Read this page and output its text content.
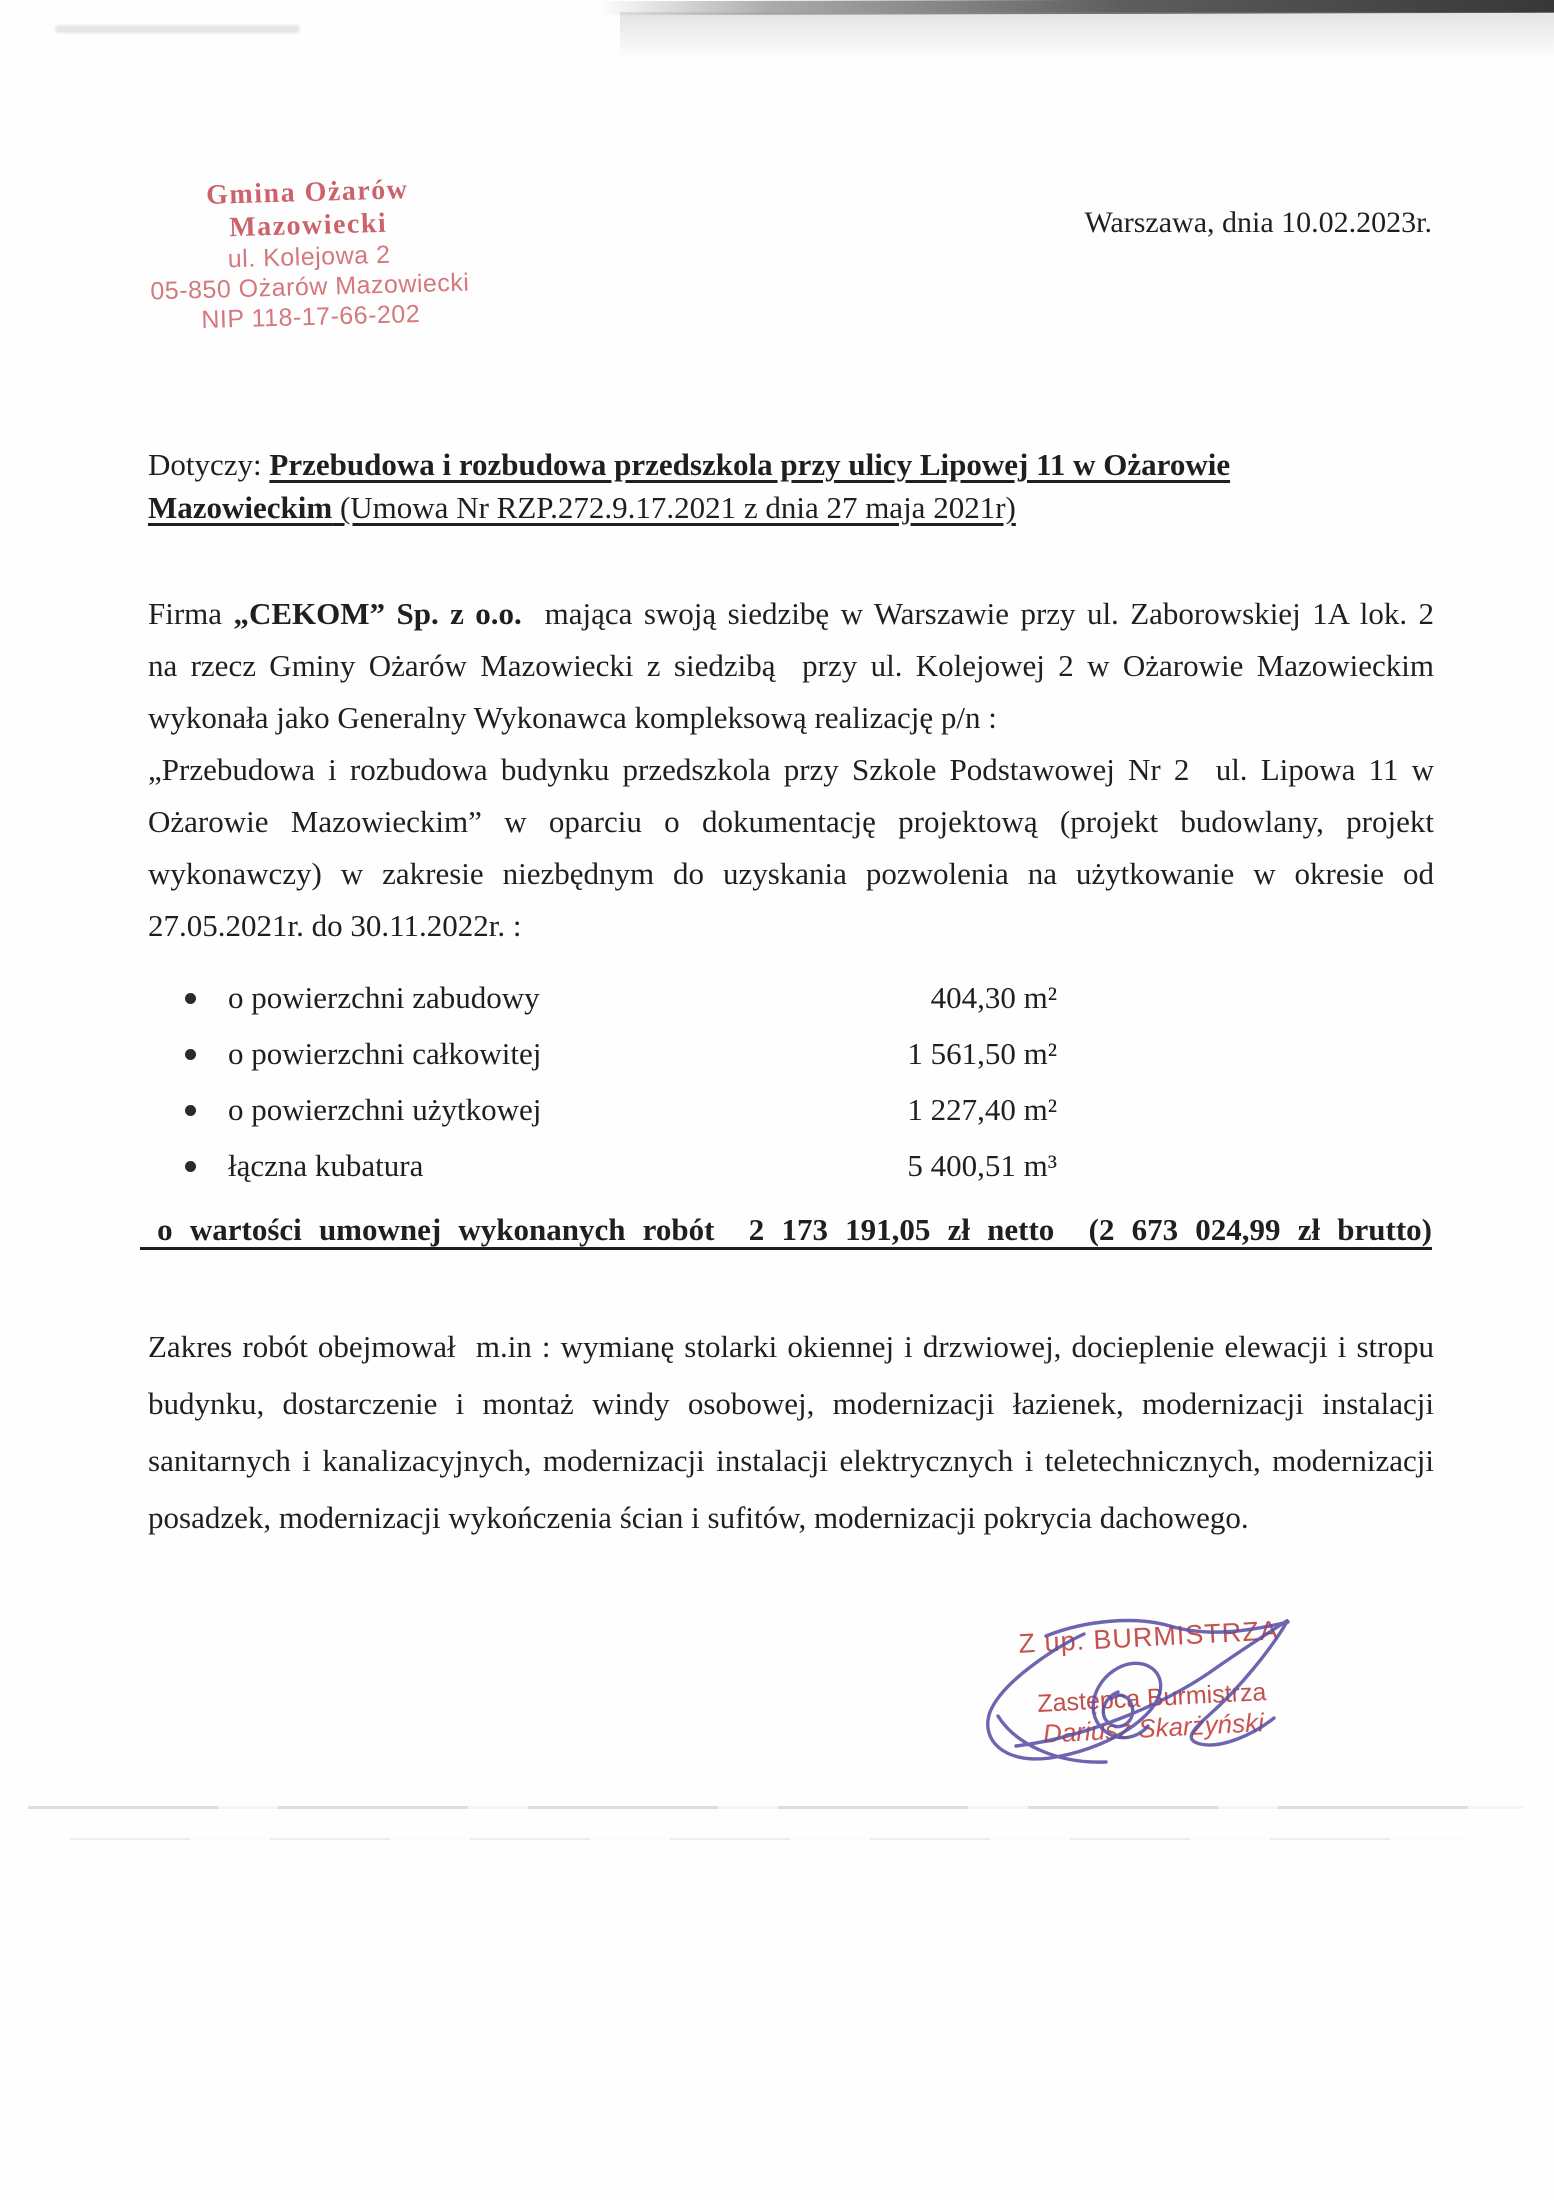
Gmina Ożarów Mazowiecki
ul. Kolejowa 2
05-850 Ożarów Mazowiecki
NIP 118-17-66-202
Warszawa, dnia 10.02.2023r.
Dotyczy: Przebudowa i rozbudowa przedszkola przy ulicy Lipowej 11 w Ożarowie
Mazowieckim (Umowa Nr RZP.272.9.17.2021 z dnia 27 maja 2021r)
Firma „CEKOM” Sp. z o.o.  mająca swoją siedzibę w Warszawie przy ul. Zaborowskiej 1A lok. 2
na rzecz Gminy Ożarów Mazowiecki z siedzibą  przy ul. Kolejowej 2 w Ożarowie Mazowieckim
wykonała jako Generalny Wykonawca kompleksową realizację p/n :
„Przebudowa i rozbudowa budynku przedszkola przy Szkole Podstawowej Nr 2  ul. Lipowa 11 w
Ożarowie Mazowieckim” w oparciu o dokumentację projektową (projekt budowlany, projekt
wykonawczy) w zakresie niezbędnym do uzyskania pozwolenia na użytkowanie w okresie od
27.05.2021r. do 30.11.2022r. :
o powierzchni zabudowy	404,30 m²
o powierzchni całkowitej	1 561,50 m²
o powierzchni użytkowej	1 227,40 m²
łączna kubatura	5 400,51 m³
o wartości umownej wykonanych robót  2 173 191,05 zł netto  (2 673 024,99 zł brutto)
Zakres robót obejmował  m.in : wymianę stolarki okiennej i drzwiowej, docieplenie elewacji i stropu
budynku, dostarczenie i montaż windy osobowej, modernizacji łazienek, modernizacji instalacji
sanitarnych i kanalizacyjnych, modernizacji instalacji elektrycznych i teletechnicznych, modernizacji
posadzek, modernizacji wykończenia ścian i sufitów, modernizacji pokrycia dachowego.
Z up. BURMISTRZA
Zastępca Burmistrza
Dariusz Skarżyński
